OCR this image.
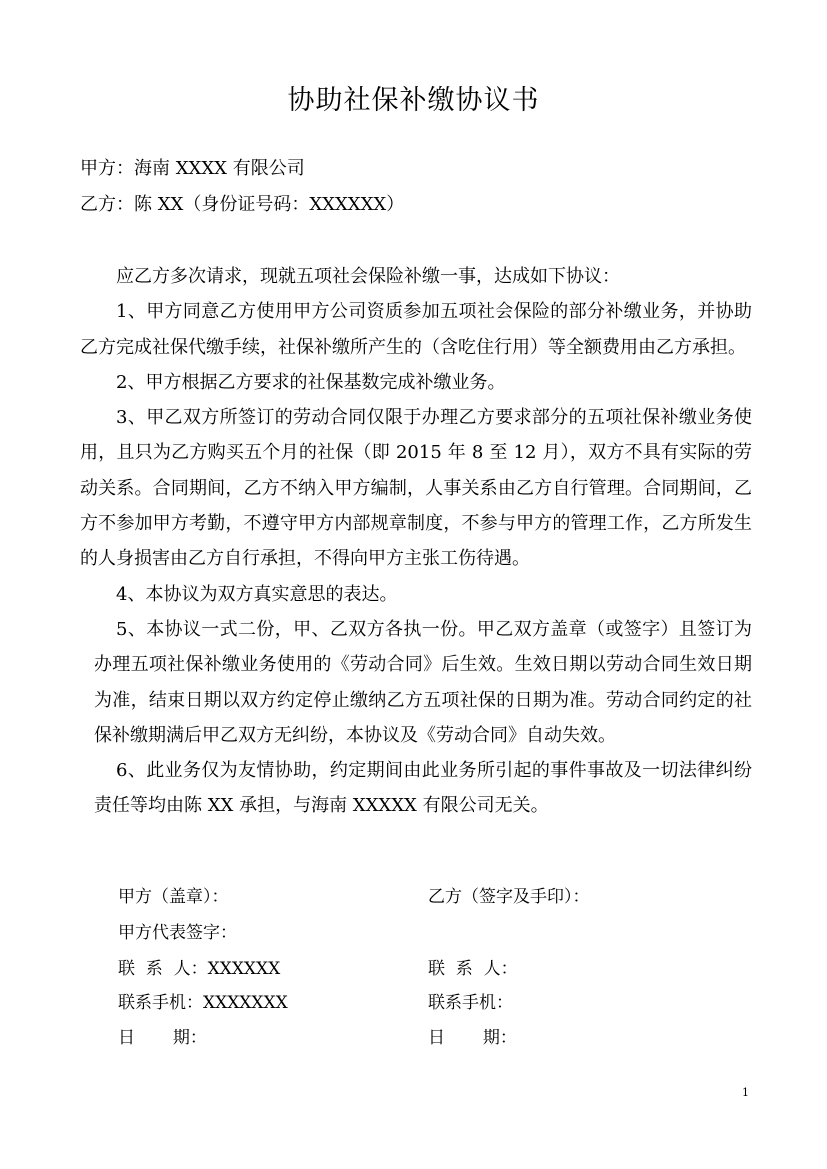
协助社保补缴协议书
甲方：海南 XXXX 有限公司
乙方：陈 XX（身份证号码：XXXXXX）

应乙方多次请求，现就五项社会保险补缴一事，达成如下协议：

1、甲方同意乙方使用甲方公司资质参加五项社会保险的部分补缴业务，并协助乙方完成社保代缴手续，社保补缴所产生的（含吃住行用）等全额费用由乙方承担。

2、甲方根据乙方要求的社保基数完成补缴业务。

3、甲乙双方所签订的劳动合同仅限于办理乙方要求部分的五项社保补缴业务使用，且只为乙方购买五个月的社保（即 2015 年 8 至 12 月），双方不具有实际的劳动关系。合同期间，乙方不纳入甲方编制，人事关系由乙方自行管理。合同期间，乙方不参加甲方考勤，不遵守甲方内部规章制度，不参与甲方的管理工作，乙方所发生的人身损害由乙方自行承担，不得向甲方主张工伤待遇。

4、本协议为双方真实意思的表达。

5、本协议一式二份，甲、乙双方各执一份。甲乙双方盖章（或签字）且签订为办理五项社保补缴业务使用的《劳动合同》后生效。生效日期以劳动合同生效日期为准，结束日期以双方约定停止缴纳乙方五项社保的日期为准。劳动合同约定的社保补缴期满后甲乙双方无纠纷，本协议及《劳动合同》自动失效。

6、此业务仅为友情协助，约定期间由此业务所引起的事件事故及一切法律纠纷责任等均由陈 XX 承担，与海南 XXXXX 有限公司无关。

甲方（盖章）：	乙方（签字及手印）：
甲方代表签字：
联  系  人：XXXXXX	联  系  人：
联系手机：XXXXXXX	联系手机：
日       期：	日       期：
1
